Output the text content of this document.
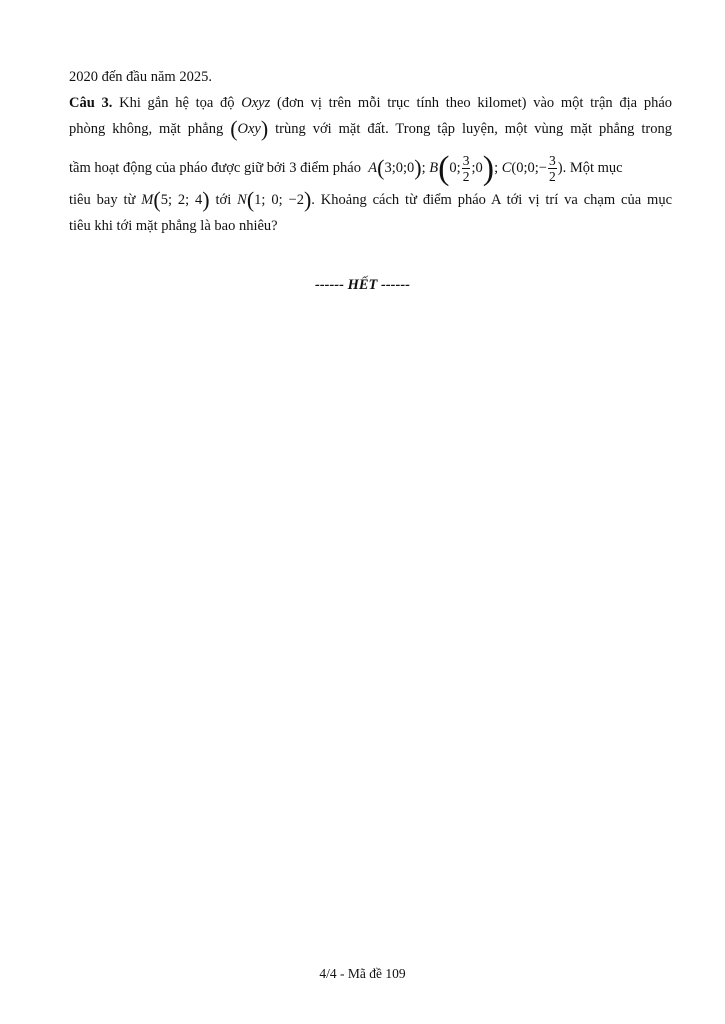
2020 đến đầu năm 2025.
Câu 3. Khi gắn hệ tọa độ Oxyz (đơn vị trên mỗi trục tính theo kilomet) vào một trận địa pháo
phòng không, mặt phẳng (Oxy) trùng với mặt đất. Trong tập luyện, một vùng mặt phẳng trong
tầm hoạt động của pháo được giữ bởi 3 điểm pháo A(3;0;0); B(0; $\frac{3}{2}$ ;0); C(0;0;− $\frac{3}{2}$ ). Một mục
tiêu bay từ M(5; 2; 4) tới N(1; 0; −2). Khoảng cách từ điểm pháo A tới vị trí va chạm của mục
tiêu khi tới mặt phẳng là bao nhiêu?
------ HẾT ------
4/4 - Mã đề 109
